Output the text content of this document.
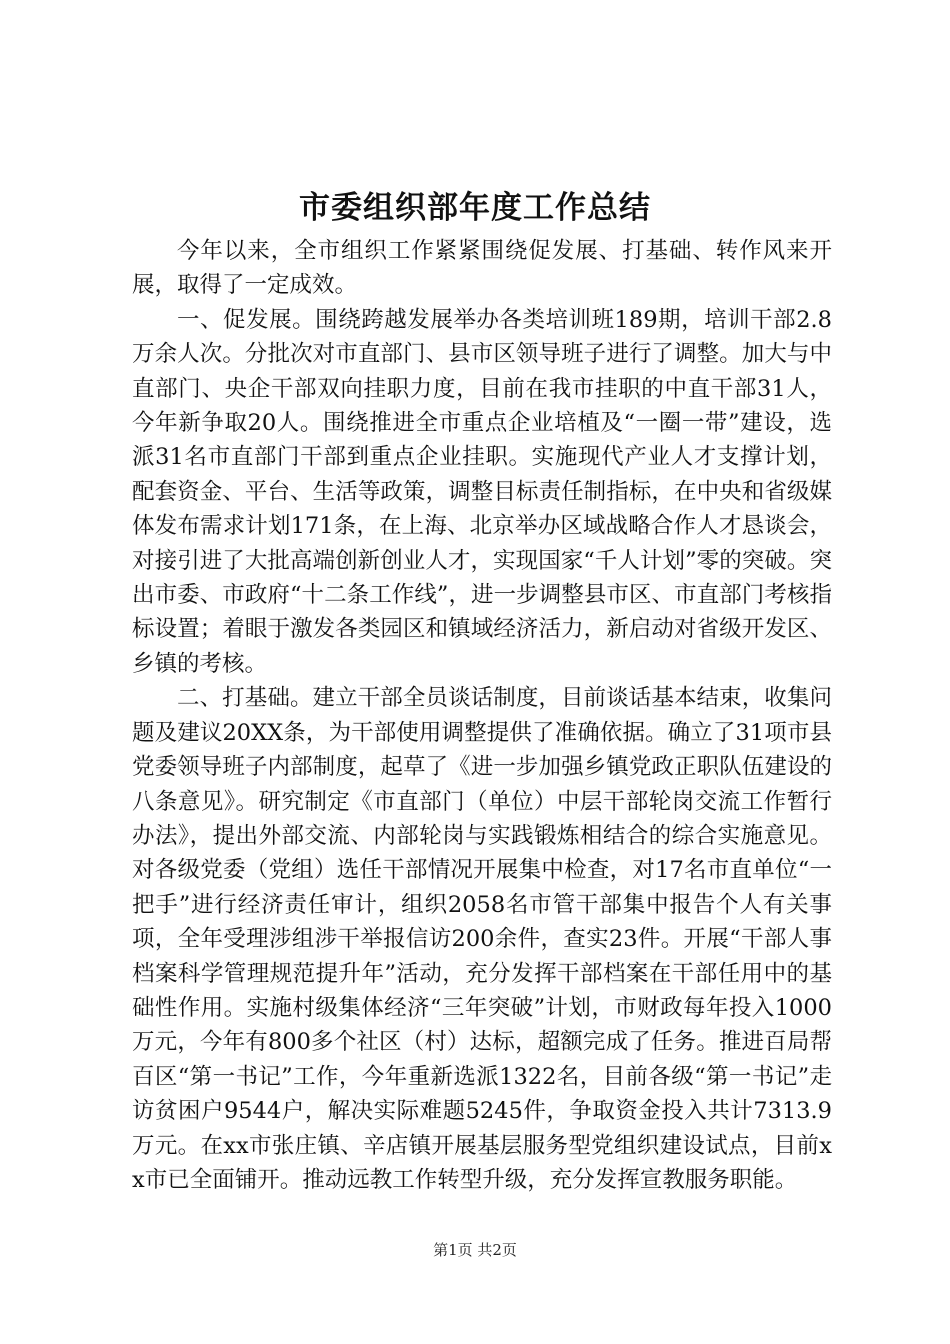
市委组织部年度工作总结

今年以来，全市组织工作紧紧围绕促发展、打基础、转作风来开展，取得了一定成效。

一、促发展。围绕跨越发展举办各类培训班189期，培训干部2.8万余人次。分批次对市直部门、县市区领导班子进行了调整。加大与中直部门、央企干部双向挂职力度，目前在我市挂职的中直干部31人，今年新争取20人。围绕推进全市重点企业培植及“一圈一带”建设，选派31名市直部门干部到重点企业挂职。实施现代产业人才支撑计划，配套资金、平台、生活等政策，调整目标责任制指标，在中央和省级媒体发布需求计划171条，在上海、北京举办区域战略合作人才恳谈会，对接引进了大批高端创新创业人才，实现国家“千人计划”零的突破。突出市委、市政府“十二条工作线”，进一步调整县市区、市直部门考核指标设置；着眼于激发各类园区和镇域经济活力，新启动对省级开发区、乡镇的考核。

二、打基础。建立干部全员谈话制度，目前谈话基本结束，收集问题及建议20XX条，为干部使用调整提供了准确依据。确立了31项市县党委领导班子内部制度，起草了《进一步加强乡镇党政正职队伍建设的八条意见》。研究制定《市直部门（单位）中层干部轮岗交流工作暂行办法》，提出外部交流、内部轮岗与实践锻炼相结合的综合实施意见。对各级党委（党组）选任干部情况开展集中检查，对17名市直单位“一把手”进行经济责任审计，组织2058名市管干部集中报告个人有关事项，全年受理涉组涉干举报信访200余件，查实23件。开展“干部人事档案科学管理规范提升年”活动，充分发挥干部档案在干部任用中的基础性作用。实施村级集体经济“三年突破”计划，市财政每年投入1000万元，今年有800多个社区（村）达标，超额完成了任务。推进百局帮百区“第一书记”工作，今年重新选派1322名，目前各级“第一书记”走访贫困户9544户，解决实际难题5245件，争取资金投入共计7313.9万元。在xx市张庄镇、辛店镇开展基层服务型党组织建设试点，目前xx市已全面铺开。推动远教工作转型升级，充分发挥宣教服务职能。

第1页 共2页
